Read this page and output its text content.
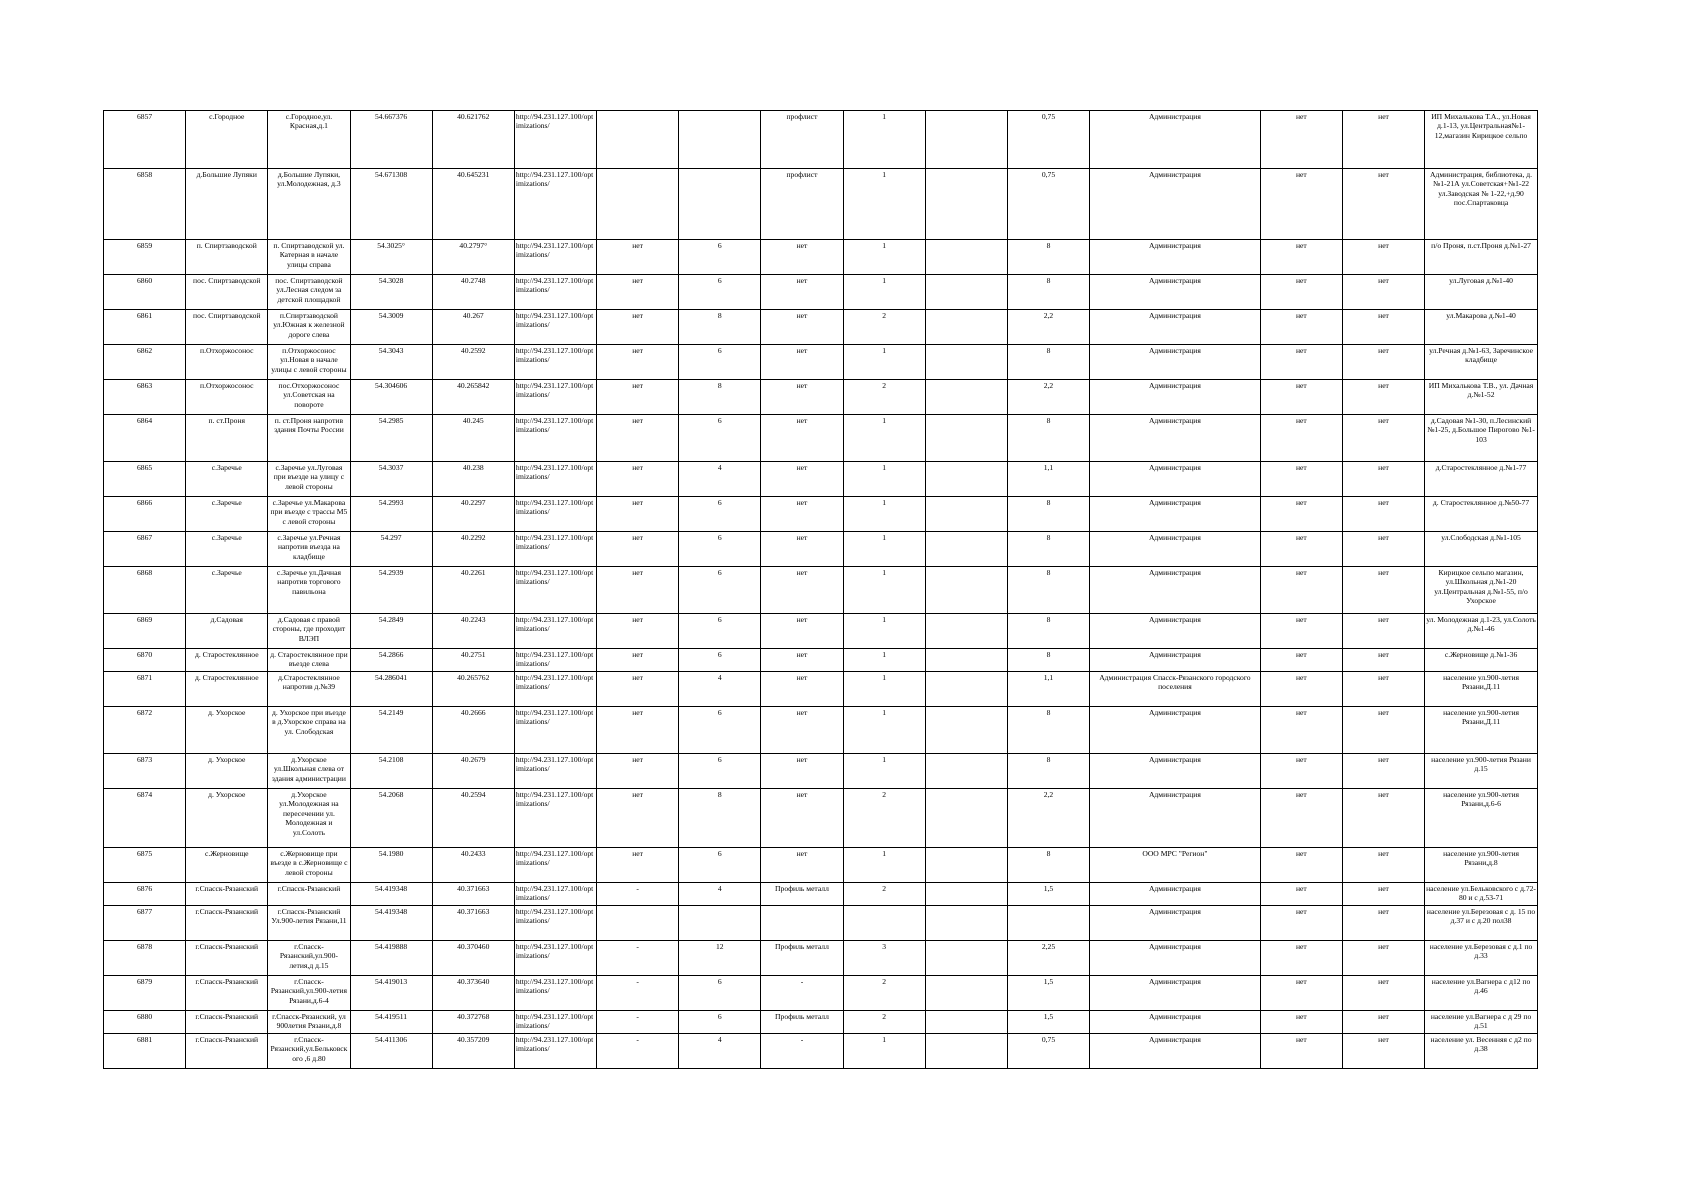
6857	с.Городное	с.Городное,ул. Красная,д.1	54.667376	40.621762	http://94.231.127.100/optimizations/			профлист	1		0,75	Администрация	нет	нет	ИП Михалькова Т.А., ул.Новая д.1-13, ул.Центральная№1-12,магазин Кирицкое сельпо
6858	д.Большие Лупяки	д.Большие Лупяки, ул.Молодежная, д.3	54.671308	40.645231	http://94.231.127.100/optimizations/			профлист	1		0,75	Администрация	нет	нет	Администрация, библиотека, д.№1-21А ул.Советская+№1-22 ул.Заводская № 1-22,+д.90 пос.Спартаковца
6859	п. Спиртзаводской	п. Спиртзаводской ул. Катерная в начале улицы справа	54.3025°	40.2797°	http://94.231.127.100/optimizations/	нет	6	нет	1		8	Администрация	нет	нет	п/о Проня, п.ст.Проня д.№1-27
6860	пос. Спиртзаводской	пос. Спиртзаводской ул.Лесная следом за детской площадкой	54.3028	40.2748	http://94.231.127.100/optimizations/	нет	6	нет	1		8	Администрация	нет	нет	ул.Луговая д.№1-40
6861	пос. Спиртзаводской	п.Спиртзаводской ул.Южная к железной дороге слева	54.3009	40.267	http://94.231.127.100/optimizations/	нет	8	нет	2		2,2	Администрация	нет	нет	ул.Макарова д.№1-40
6862	п.Отхоржосонос	п.Отхоржосонос ул.Новая в начале улицы с левой стороны	54.3043	40.2592	http://94.231.127.100/optimizations/	нет	6	нет	1		8	Администрация	нет	нет	ул.Речная д.№1-63, Заречинское кладбище
6863	п.Отхоржосонос	пос.Отхоржосонос ул.Советская на повороте	54.304606	40.265842	http://94.231.127.100/optimizations/	нет	8	нет	2		2,2	Администрация	нет	нет	ИП Михалькова Т.В., ул. Дачная д.№1-52
6864	п. ст.Проня	п. ст.Проня напротив здания Почты России	54.2985	40.245	http://94.231.127.100/optimizations/	нет	6	нет	1		8	Администрация	нет	нет	д.Садовая №1-30, п.Лесинский №1-25, д.Большое Пирогово №1-103
6865	с.Заречье	с.Заречье ул.Луговая при въезде на улицу с левой стороны	54.3037	40.238	http://94.231.127.100/optimizations/	нет	4	нет	1		1,1	Администрация	нет	нет	д.Старостеклянное д.№1-77
6866	с.Заречье	с.Заречье ул.Макарова при въезде с трассы М5 с левой стороны	54.2993	40.2297	http://94.231.127.100/optimizations/	нет	6	нет	1		8	Администрация	нет	нет	д. Старостеклянное д.№50-77
6867	с.Заречье	с.Заречье ул.Речная напротив въезда на кладбище	54.297	40.2292	http://94.231.127.100/optimizations/	нет	6	нет	1		8	Администрация	нет	нет	ул.Слободская д.№1-105
6868	с.Заречье	с.Заречье ул.Дачная напротив торгового павильона	54.2939	40.2261	http://94.231.127.100/optimizations/	нет	6	нет	1		8	Администрация	нет	нет	Кирицкое сельпо магазин, ул.Школьная д.№1-20 ул.Центральная д.№1-55, п/о Ухорское
6869	д.Садовая	д.Садовая с правой стороны, где проходит ВЛЭП	54.2849	40.2243	http://94.231.127.100/optimizations/	нет	6	нет	1		8	Администрация	нет	нет	ул. Молодежная д.1-23, ул.Солоть д.№1-46
6870	д. Старостеклянное	д. Старостеклянное при въезде слева	54.2866	40.2751	http://94.231.127.100/optimizations/	нет	6	нет	1		8	Администрация	нет	нет	с.Жерновище д.№1-36
6871	д. Старостеклянное	д.Старостеклянное напротив д.№39	54.286041	40.265762	http://94.231.127.100/optimizations/	нет	4	нет	1		1,1	Администрация Спасск-Рязанского городского поселения	нет	нет	население ул.900-летия Рязани,Д.11
6872	д. Ухорское	д. Ухорское при въезде в д.Ухорское справа на ул. Слободская	54.2149	40.2666	http://94.231.127.100/optimizations/	нет	6	нет	1		8	Администрация	нет	нет	население ул.900-летия Рязани,Д.11
6873	д. Ухорское	д.Ухорское ул.Школьная слева от здания администрации	54.2108	40.2679	http://94.231.127.100/optimizations/	нет	6	нет	1		8	Администрация	нет	нет	население ул.900-летия Рязани д.15
6874	д. Ухорское	д.Ухорское ул.Молодежная на пересечении ул. Молодежная и ул.Солоть	54.2068	40.2594	http://94.231.127.100/optimizations/	нет	8	нет	2		2,2	Администрация	нет	нет	население ул.900-летия Рязани,д.6-6
6875	с.Жерновище	с.Жерновище при въезде в с.Жерновище с левой стороны	54.1980	40.2433	http://94.231.127.100/optimizations/	нет	6	нет	1		8	ООО МРС "Регион"	нет	нет	население ул.900-летия Рязани,д.8
6876	г.Спасск-Рязанский	г.Спасск-Рязанский	54.419348	40.371663	http://94.231.127.100/optimizations/	-	4	Профиль металл	2		1,5	Администрация	нет	нет	население ул.Бельковского с д.72-80 и с д.53-71
6877	г.Спасск-Рязанский	г.Спасск-Рязанский Ул.900-летия Рязани,11	54.419348	40.371663	http://94.231.127.100/optimizations/							Администрация	нет	нет	население ул.Березовая с д. 15 по д.37 и с д.20 пол38
6878	г.Спасск-Рязанский	г.Спасск-Рязанский,ул.900-летия,д д.15	54.419888	40.370460	http://94.231.127.100/optimizations/	-	12	Профиль металл	3		2,25	Администрация	нет	нет	население ул.Березовая с д.1 по д.33
6879	г.Спасск-Рязанский	г.Спасск-Рязанский,ул.900-летия Рязани,д.6-4	54.419013	40.373640	http://94.231.127.100/optimizations/	-	6	-	2		1,5	Администрация	нет	нет	население ул.Вагнера с д12 по д.46
6880	г.Спасск-Рязанский	г.Спасск-Рязанский, ул 900летия Рязани,д.8	54.419511	40.372768	http://94.231.127.100/optimizations/	-	6	Профиль металл	2		1,5	Администрация	нет	нет	население ул.Вагнера с д 29 по д.51
6881	г.Спасск-Рязанский	г.Спасск-Рязанский,ул.Бельковского ,6 д.80	54.411306	40.357209	http://94.231.127.100/optimizations/	-	4	-	1		0,75	Администрация	нет	нет	население ул. Весенняя с д2 по д.38
